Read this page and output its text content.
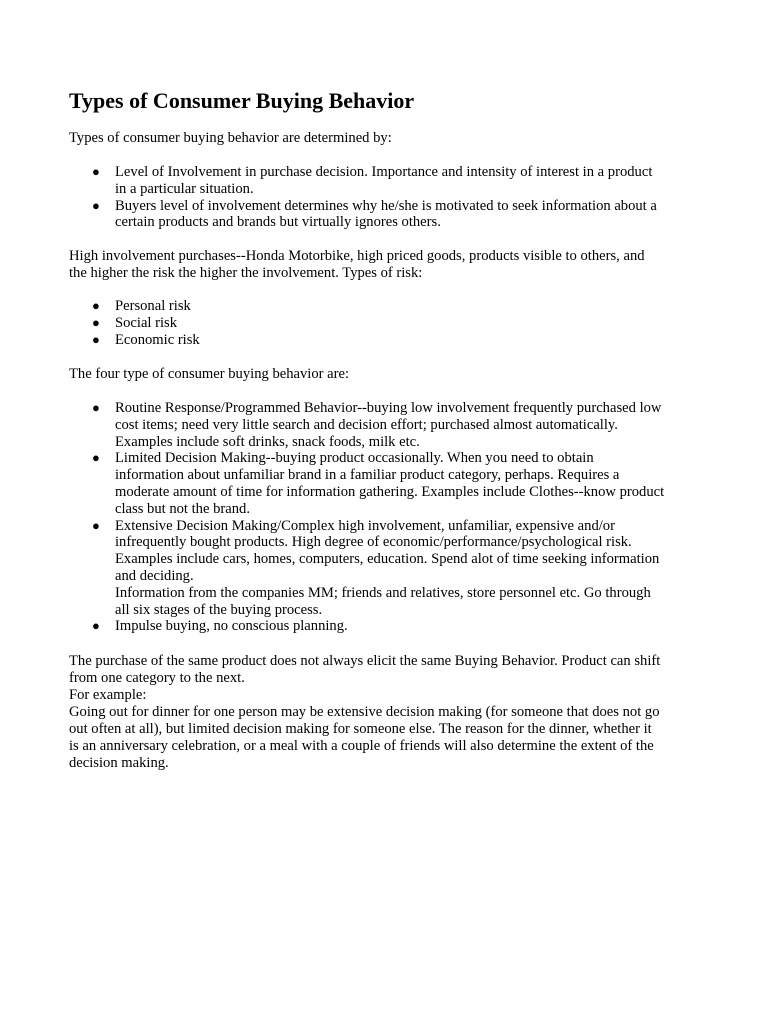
Types of Consumer Buying Behavior

Types of consumer buying behavior are determined by:

● Level of Involvement in purchase decision. Importance and intensity of interest in a product
in a particular situation.
● Buyers level of involvement determines why he/she is motivated to seek information about a
certain products and brands but virtually ignores others.

High involvement purchases--Honda Motorbike, high priced goods, products visible to others, and
the higher the risk the higher the involvement. Types of risk:

● Personal risk
● Social risk
● Economic risk

The four type of consumer buying behavior are:

● Routine Response/Programmed Behavior--buying low involvement frequently purchased low
cost items; need very little search and decision effort; purchased almost automatically.
Examples include soft drinks, snack foods, milk etc.
● Limited Decision Making--buying product occasionally. When you need to obtain
information about unfamiliar brand in a familiar product category, perhaps. Requires a
moderate amount of time for information gathering. Examples include Clothes--know product
class but not the brand.
● Extensive Decision Making/Complex high involvement, unfamiliar, expensive and/or
infrequently bought products. High degree of economic/performance/psychological risk.
Examples include cars, homes, computers, education. Spend alot of time seeking information
and deciding.
Information from the companies MM; friends and relatives, store personnel etc. Go through
all six stages of the buying process.
● Impulse buying, no conscious planning.

The purchase of the same product does not always elicit the same Buying Behavior. Product can shift
from one category to the next.
For example:
Going out for dinner for one person may be extensive decision making (for someone that does not go
out often at all), but limited decision making for someone else. The reason for the dinner, whether it
is an anniversary celebration, or a meal with a couple of friends will also determine the extent of the
decision making.
